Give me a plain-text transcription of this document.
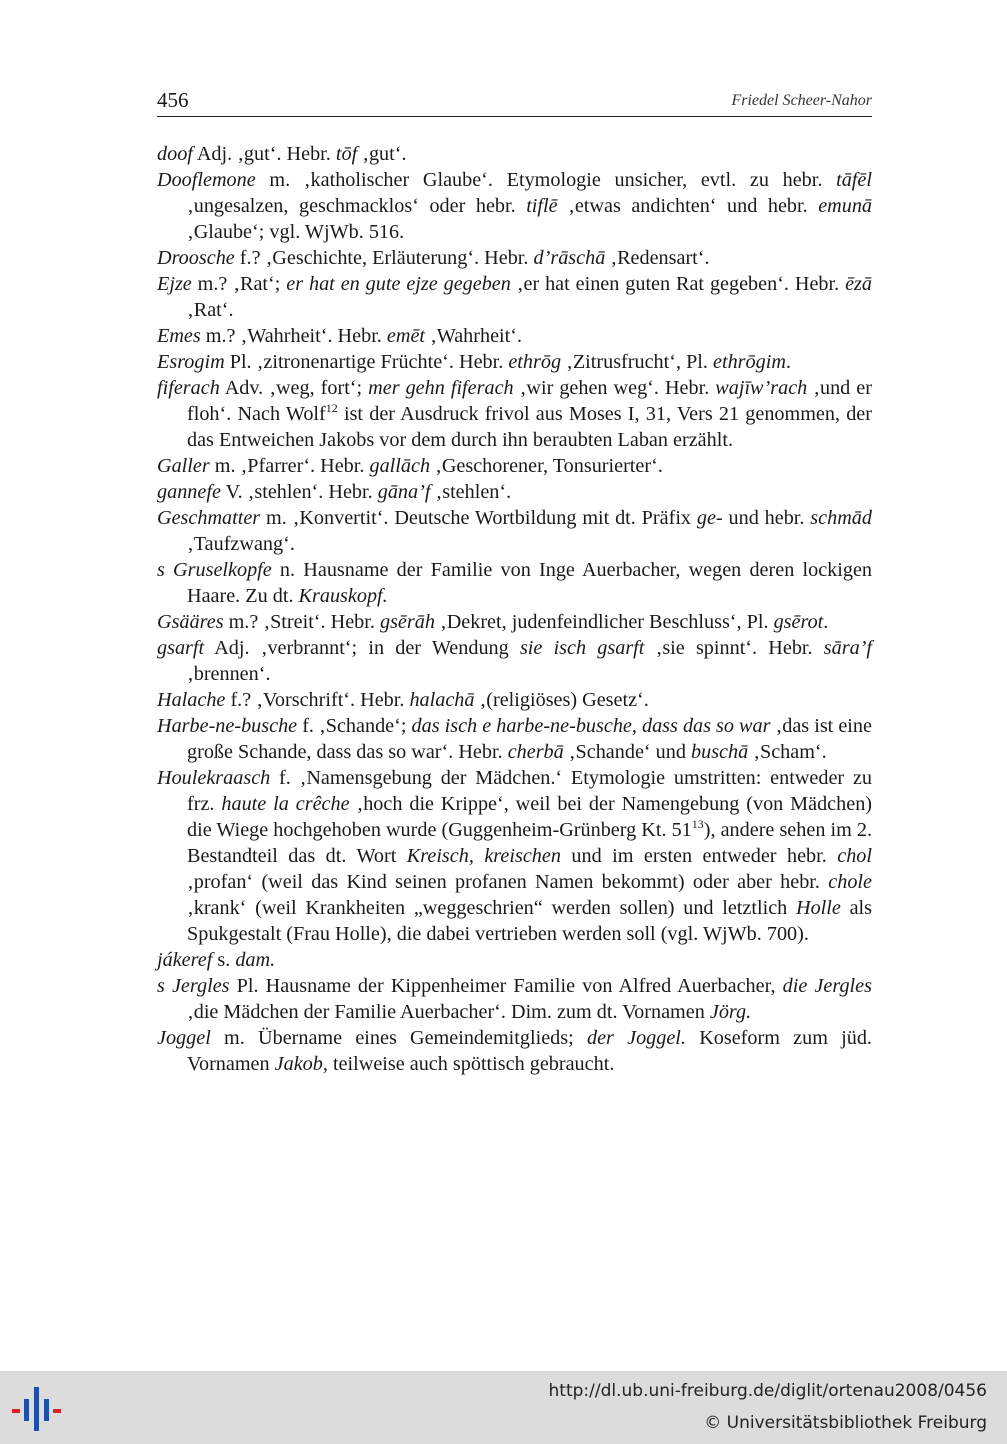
456	Friedel Scheer-Nahor

doof Adj. ‚gut‘. Hebr. tōf ‚gut‘.

Dooflemone m. ‚katholischer Glaube‘. Etymologie unsicher, evtl. zu hebr. tāfēl ‚ungesalzen, geschmacklos‘ oder hebr. tiflē ‚etwas andichten‘ und hebr. emunā ‚Glaube‘; vgl. WjWb. 516.

Droosche f.? ‚Geschichte, Erläuterung‘. Hebr. d’rāschā ‚Redensart‘.

Ejze m.? ‚Rat‘; er hat en gute ejze gegeben ‚er hat einen guten Rat gegeben‘. Hebr. ēzā ‚Rat‘.

Emes m.? ‚Wahrheit‘. Hebr. emēt ‚Wahrheit‘.

Esrogim Pl. ‚zitronenartige Früchte‘. Hebr. ethrōg ‚Zitrusfrucht‘, Pl. ethrōgim.

fiferach Adv. ‚weg, fort‘; mer gehn fiferach ‚wir gehen weg‘. Hebr. wajīw’rach ‚und er floh‘. Nach Wolf$^{12}$ ist der Ausdruck frivol aus Moses I, 31, Vers 21 genommen, der das Entweichen Jakobs vor dem durch ihn beraubten Laban erzählt.

Galler m. ‚Pfarrer‘. Hebr. gallāch ‚Geschorener, Tonsurierter‘.

gannefe V. ‚stehlen‘. Hebr. gāna’f ‚stehlen‘.

Geschmatter m. ‚Konvertit‘. Deutsche Wortbildung mit dt. Präfix ge- und hebr. schmād ‚Taufzwang‘.

s Gruselkopfe n. Hausname der Familie von Inge Auerbacher, wegen deren lockigen Haare. Zu dt. Krauskopf.

Gsääres m.? ‚Streit‘. Hebr. gsērāh ‚Dekret, judenfeindlicher Beschluss‘, Pl. gsērot.

gsarft Adj. ‚verbrannt‘; in der Wendung sie isch gsarft ‚sie spinnt‘. Hebr. sāra’f ‚brennen‘.

Halache f.? ‚Vorschrift‘. Hebr. halachā ‚(religiöses) Gesetz‘.

Harbe-ne-busche f. ‚Schande‘; das isch e harbe-ne-busche, dass das so war ‚das ist eine große Schande, dass das so war‘. Hebr. cherbā ‚Schande‘ und buschā ‚Scham‘.

Houlekraasch f. ‚Namensgebung der Mädchen.‘ Etymologie umstritten: entweder zu frz. haute la crêche ‚hoch die Krippe‘, weil bei der Namengebung (von Mädchen) die Wiege hochgehoben wurde (Guggenheim-Grünberg Kt. $51^{13}$), andere sehen im 2. Bestandteil das dt. Wort Kreisch, kreischen und im ersten entweder hebr. chol ‚profan‘ (weil das Kind seinen profanen Namen bekommt) oder aber hebr. chole ‚krank‘ (weil Krankheiten „weggeschrien“ werden sollen) und letztlich Holle als Spukgestalt (Frau Holle), die dabei vertrieben werden soll (vgl. WjWb. 700).

jákeref s. dam.

s Jergles Pl. Hausname der Kippenheimer Familie von Alfred Auerbacher, die Jergles ‚die Mädchen der Familie Auerbacher‘. Dim. zum dt. Vornamen Jörg.

Joggel m. Übername eines Gemeindemitglieds; der Joggel. Koseform zum jüd. Vornamen Jakob, teilweise auch spöttisch gebraucht.

http://dl.ub.uni-freiburg.de/diglit/ortenau2008/0456
© Universitätsbibliothek Freiburg
